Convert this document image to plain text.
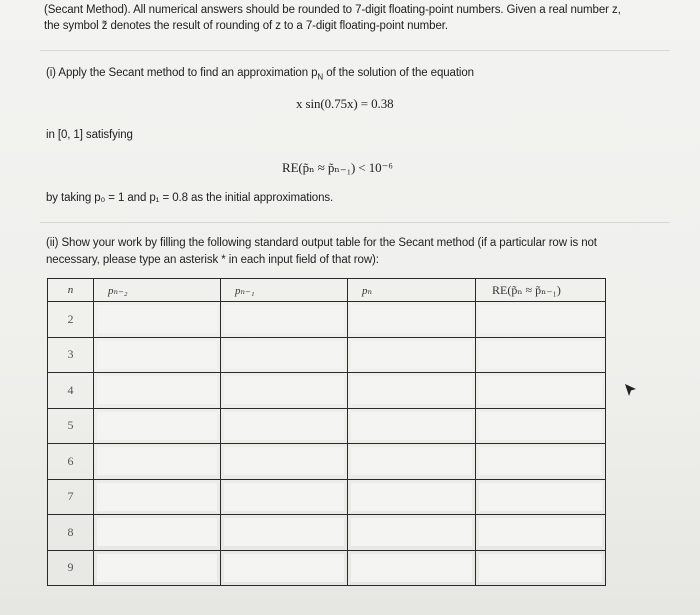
(Secant Method). All numerical answers should be rounded to 7-digit floating-point numbers. Given a real number z,
the symbol z̃ denotes the result of rounding of z to a 7-digit floating-point number.
(i) Apply the Secant method to find an approximation $p_N$ of the solution of the equation
x sin(0.75x) = 0.38
in [0, 1] satisfying
RE(p̃ₙ ≈ p̃ₙ₋₁) < 10⁻⁶
by taking p₀ = 1 and p₁ = 0.8 as the initial approximations.
(ii) Show your work by filling the following standard output table for the Secant method (if a particular row is not
necessary, please type an asterisk * in each input field of that row):
n	pₙ₋₂	pₙ₋₁	pₙ	RE(p̃ₙ ≈ p̃ₙ₋₁)
2	

3	

4	

5	

6	

7	

8	

9	
